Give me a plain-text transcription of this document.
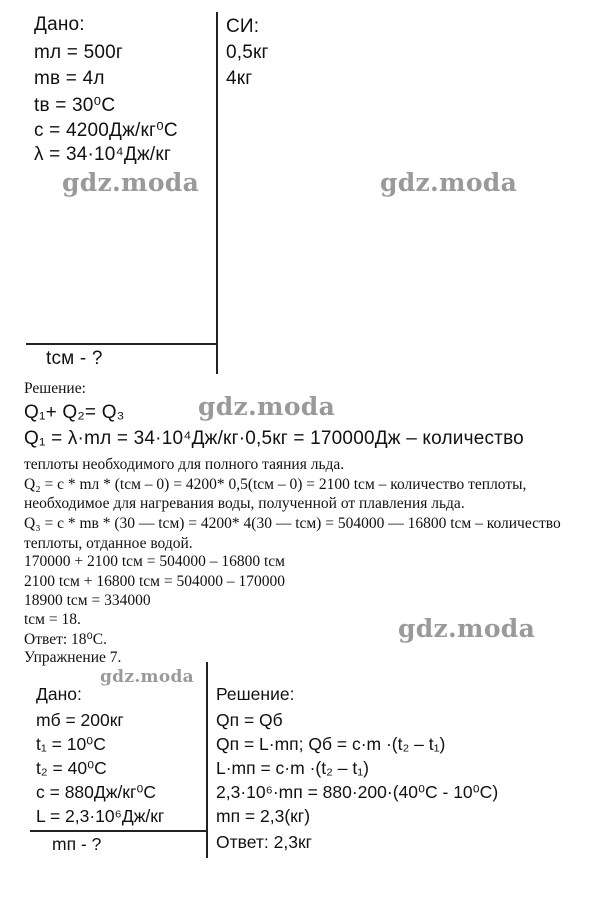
Дано:
mл = 500г
mв = 4л
tв = 30⁰C
c = 4200Дж/кг⁰C
λ = 34·10⁴Дж/кг
СИ:
0,5кг
4кг
tсм - ?
gdz.moda	gdz.moda
Решение:
gdz.moda
Q₁+ Q₂= Q₃
Q₁ = λ·mл = 34·10⁴Дж/кг·0,5кг = 170000Дж – количество
теплоты необходимого для полного таяния льда.
Q₂ = c * mл * (tсм – 0) = 4200* 0,5(tсм – 0) = 2100 tсм – количество теплоты,
необходимое для нагревания воды, полученной от плавления льда.
Q₃ = c * mв * (30 — tсм) = 4200* 4(30 — tсм) = 504000 — 16800 tсм – количество
теплоты, отданное водой.
170000 + 2100 tсм = 504000 – 16800 tсм
2100 tсм + 16800 tсм = 504000 – 170000
18900 tсм = 334000
tсм = 18.
Ответ: 18⁰C.
Упражнение 7.
gdz.moda
Дано:
gdz.moda
mб = 200кг
t₁ = 10⁰C
t₂ = 40⁰C
c = 880Дж/кг⁰C
L = 2,3·10⁶Дж/кг
mп - ?
Решение:
Qп = Qб
Qп = L·mп; Qб = c·m ·(t₂ – t₁)
L·mп = c·m ·(t₂ – t₁)
2,3·10⁶·mп = 880·200·(40⁰C - 10⁰C)
mп = 2,3(кг)
Ответ: 2,3кг
